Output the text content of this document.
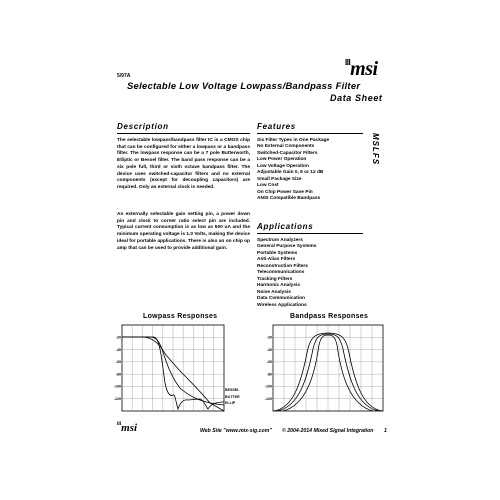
$^{lll}$msi
5/97A
Selectable Low Voltage Lowpass/Bandpass Filter
Data Sheet
Description
The selectable lowpass/bandpass filter IC is a CMOS chip that can be configured for either a lowpass or a bandpass filter. The lowpass response can be a 7 pole Butterworth, Elliptic or Bessel filter. The band pass response can be a six pole full, third or sixth octave bandpass filter. The device uses switched-capacitor filters and no external components (except for decoupling capacitors) are required. Only an external clock is needed.
An externally selectable gain setting pin, a power down pin and clock to corner ratio select pin are included. Typical current consumption is as low as 500 uA and the minimum operating voltage is 1.0 Volts, making the device ideal for portable applications. There is also an on chip op amp that can be used to provide additional gain.
Features
Six Filter Types in One Package
No External Components
Switched-Capacitor Filters
Low Power Operation
Low Voltage Operation
Adjustable Gain 0, 6 or 12 dB
Small Package Size
Low Cost
On Chip Power Save Pin
ANSI Compatible Bandpass
MSLFS
Applications
Spectrum Analyzers
General Purpose Systems
Portable Systems
Anti-Alias Filters
Reconstruction Filters
Telecommunications
Tracking Filters
Harmonic Analysis
Noise Analysis
Data Communication
Wireless Applications
Lowpass Responses	Bandpass Responses
-20
-40
-60
-80
-100
-120
BESSEL
BUTTER
ELLIP
-20
-40
-60
-80
-100
-120
$^{lll}$msi	Web Site "www.mix-sig.com" © 2004-2014 Mixed Signal Integration 1
